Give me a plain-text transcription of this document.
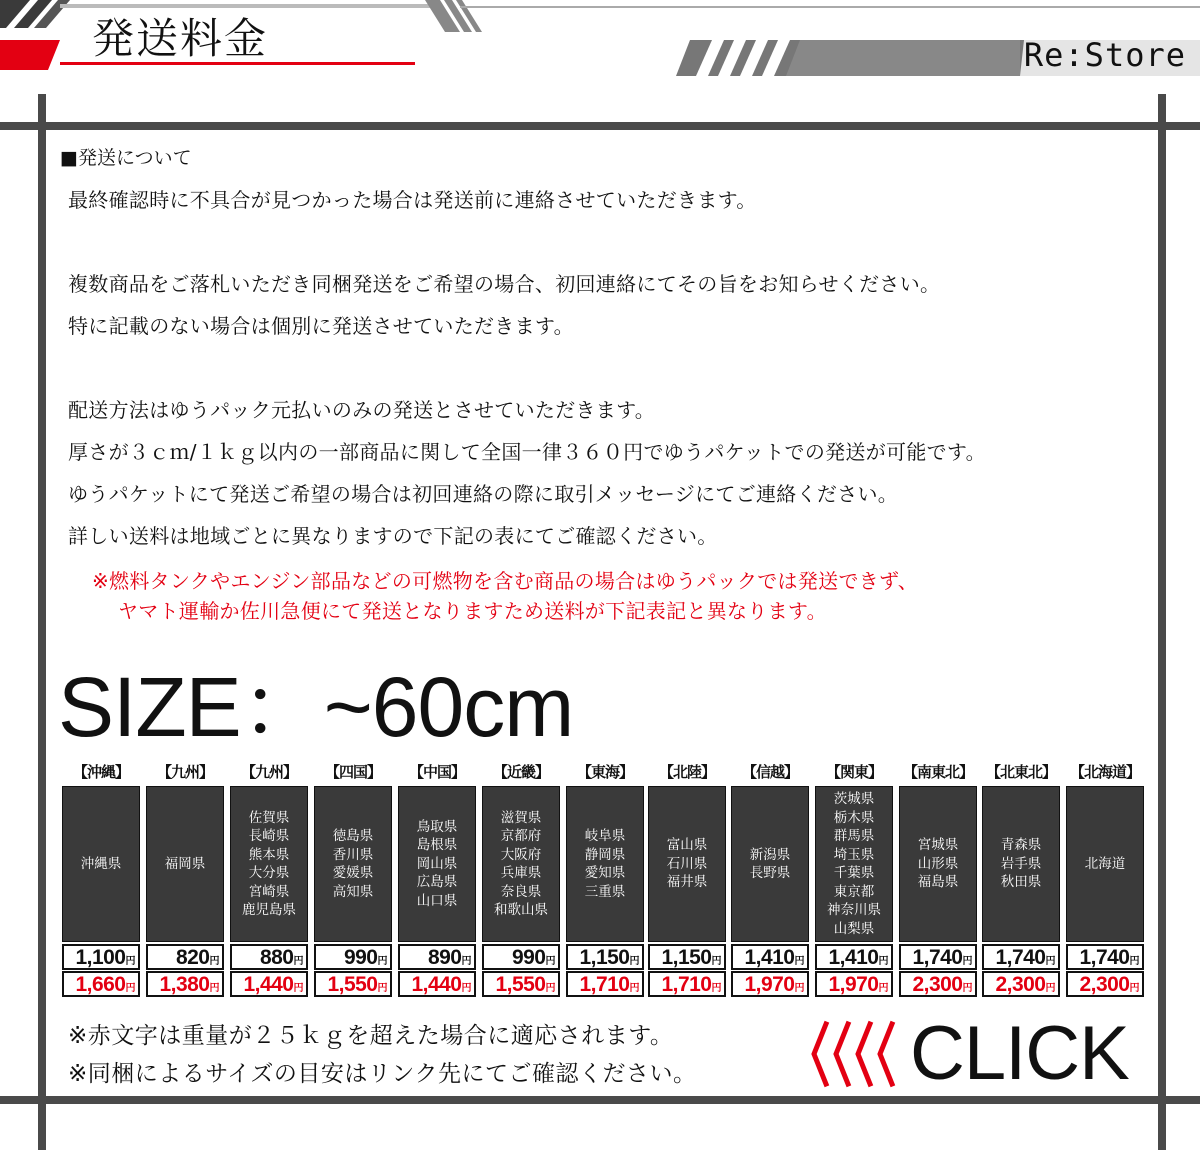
発送料金	Re:Store
■発送について
最終確認時に不具合が見つかった場合は発送前に連絡させていただきます。
複数商品をご落札いただき同梱発送をご希望の場合、初回連絡にてその旨をお知らせください。
特に記載のない場合は個別に発送させていただきます。
配送方法はゆうパック元払いのみの発送とさせていただきます。
厚さが３ｃｍ/１ｋｇ以内の一部商品に関して全国一律３６０円でゆうパケットでの発送が可能です。
ゆうパケットにて発送ご希望の場合は初回連絡の際に取引メッセージにてご連絡ください。
詳しい送料は地域ごとに異なりますので下記の表にてご確認ください。
※燃料タンクやエンジン部品などの可燃物を含む商品の場合はゆうパックでは発送できず、
ヤマト運輸か佐川急便にて発送となりますため送料が下記表記と異なります。
SIZE：~60cm
【沖縄】
沖縄県
1,100円
1,660円
【九州】
福岡県
820円
1,380円
【九州】
佐賀県
長崎県
熊本県
大分県
宮崎県
鹿児島県
880円
1,440円
【四国】
徳島県
香川県
愛媛県
高知県
990円
1,550円
【中国】
鳥取県
島根県
岡山県
広島県
山口県
890円
1,440円
【近畿】
滋賀県
京都府
大阪府
兵庫県
奈良県
和歌山県
990円
1,550円
【東海】
岐阜県
静岡県
愛知県
三重県
1,150円
1,710円
【北陸】
富山県
石川県
福井県
1,150円
1,710円
【信越】
新潟県
長野県
1,410円
1,970円
【関東】
茨城県
栃木県
群馬県
埼玉県
千葉県
東京都
神奈川県
山梨県
1,410円
1,970円
【南東北】
宮城県
山形県
福島県
1,740円
2,300円
【北東北】
青森県
岩手県
秋田県
1,740円
2,300円
【北海道】
北海道
1,740円
2,300円
※赤文字は重量が２５ｋｇを超えた場合に適応されます。
※同梱によるサイズの目安はリンク先にてご確認ください。	CLICK
